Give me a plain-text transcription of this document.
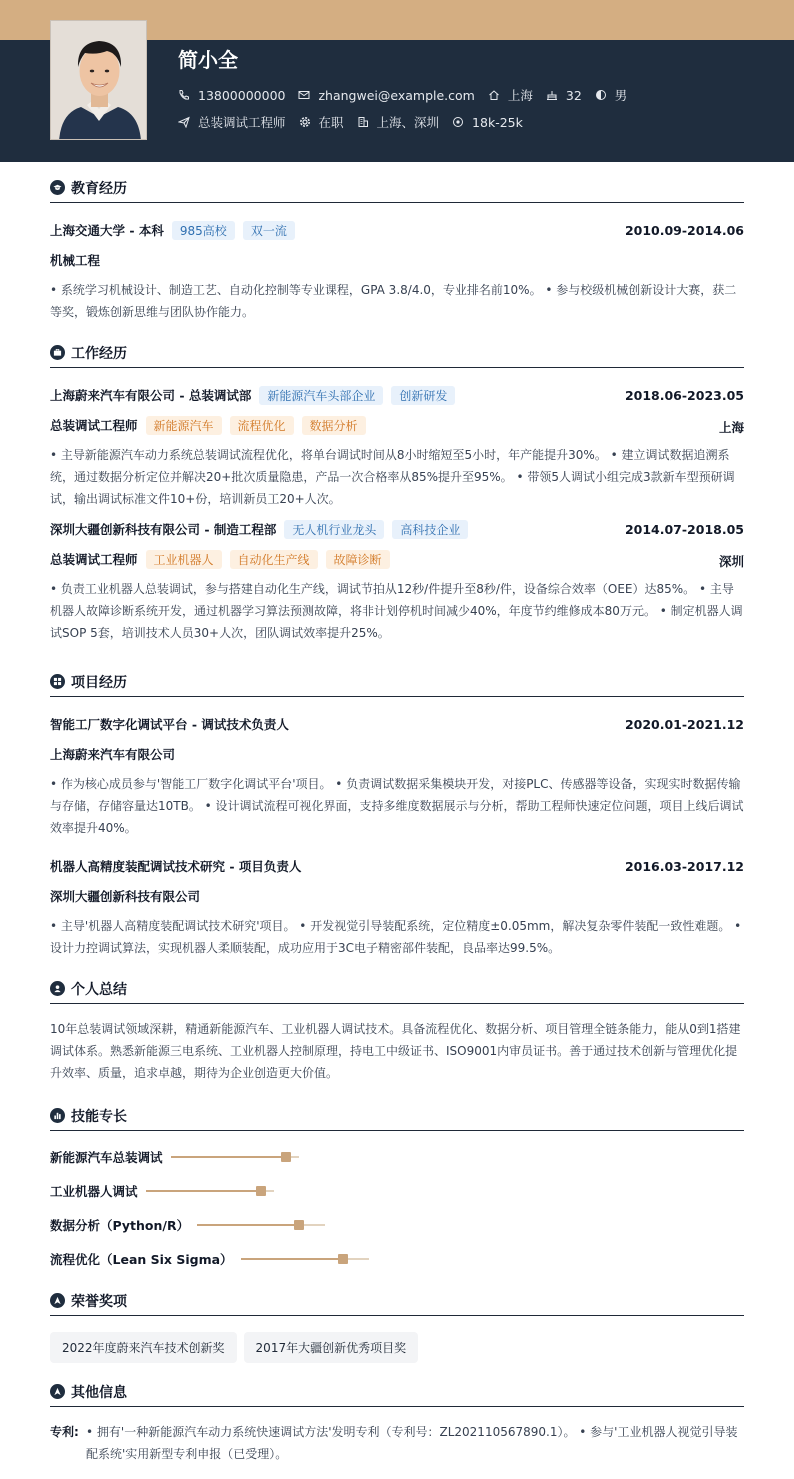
简小全
13800000000	zhangwei@example.com	上海	32	男
总装调试工程师	在职	上海、深圳	18k-25k
教育经历
上海交通大学 - 本科	985高校	双一流	2010.09-2014.06
机械工程
• 系统学习机械设计、制造工艺、自动化控制等专业课程，GPA 3.8/4.0，专业排名前10%。 • 参与校级机械创新设计大赛，获二等奖，锻炼创新思维与团队协作能力。
工作经历
上海蔚来汽车有限公司 - 总装调试部	新能源汽车头部企业	创新研发	2018.06-2023.05
总装调试工程师	新能源汽车	流程优化	数据分析	上海
• 主导新能源汽车动力系统总装调试流程优化，将单台调试时间从8小时缩短至5小时，年产能提升30%。 • 建立调试数据追溯系统，通过数据分析定位并解决20+批次质量隐患，产品一次合格率从85%提升至95%。 • 带领5人调试小组完成3款新车型预研调试，输出调试标准文件10+份，培训新员工20+人次。
深圳大疆创新科技有限公司 - 制造工程部	无人机行业龙头	高科技企业	2014.07-2018.05
总装调试工程师	工业机器人	自动化生产线	故障诊断	深圳
• 负责工业机器人总装调试，参与搭建自动化生产线，调试节拍从12秒/件提升至8秒/件，设备综合效率（OEE）达85%。 • 主导机器人故障诊断系统开发，通过机器学习算法预测故障，将非计划停机时间减少40%，年度节约维修成本80万元。 • 制定机器人调试SOP 5套，培训技术人员30+人次，团队调试效率提升25%。
项目经历
智能工厂数字化调试平台 - 调试技术负责人	2020.01-2021.12
上海蔚来汽车有限公司
• 作为核心成员参与'智能工厂数字化调试平台'项目。 • 负责调试数据采集模块开发，对接PLC、传感器等设备，实现实时数据传输与存储，存储容量达10TB。 • 设计调试流程可视化界面，支持多维度数据展示与分析，帮助工程师快速定位问题，项目上线后调试效率提升40%。
机器人高精度装配调试技术研究 - 项目负责人	2016.03-2017.12
深圳大疆创新科技有限公司
• 主导'机器人高精度装配调试技术研究'项目。 • 开发视觉引导装配系统，定位精度±0.05mm，解决复杂零件装配一致性难题。 • 设计力控调试算法，实现机器人柔顺装配，成功应用于3C电子精密部件装配，良品率达99.5%。
个人总结
10年总装调试领域深耕，精通新能源汽车、工业机器人调试技术。具备流程优化、数据分析、项目管理全链条能力，能从0到1搭建调试体系。熟悉新能源三电系统、工业机器人控制原理，持电工中级证书、ISO9001内审员证书。善于通过技术创新与管理优化提升效率、质量，追求卓越，期待为企业创造更大价值。
技能专长
新能源汽车总装调试
工业机器人调试
数据分析（Python/R）
流程优化（Lean Six Sigma）
荣誉奖项
2022年度蔚来汽车技术创新奖	2017年大疆创新优秀项目奖
其他信息
专利: • 拥有'一种新能源汽车动力系统快速调试方法'发明专利（专利号：ZL202110567890.1）。 • 参与'工业机器人视觉引导装配系统'实用新型专利申报（已受理）。
